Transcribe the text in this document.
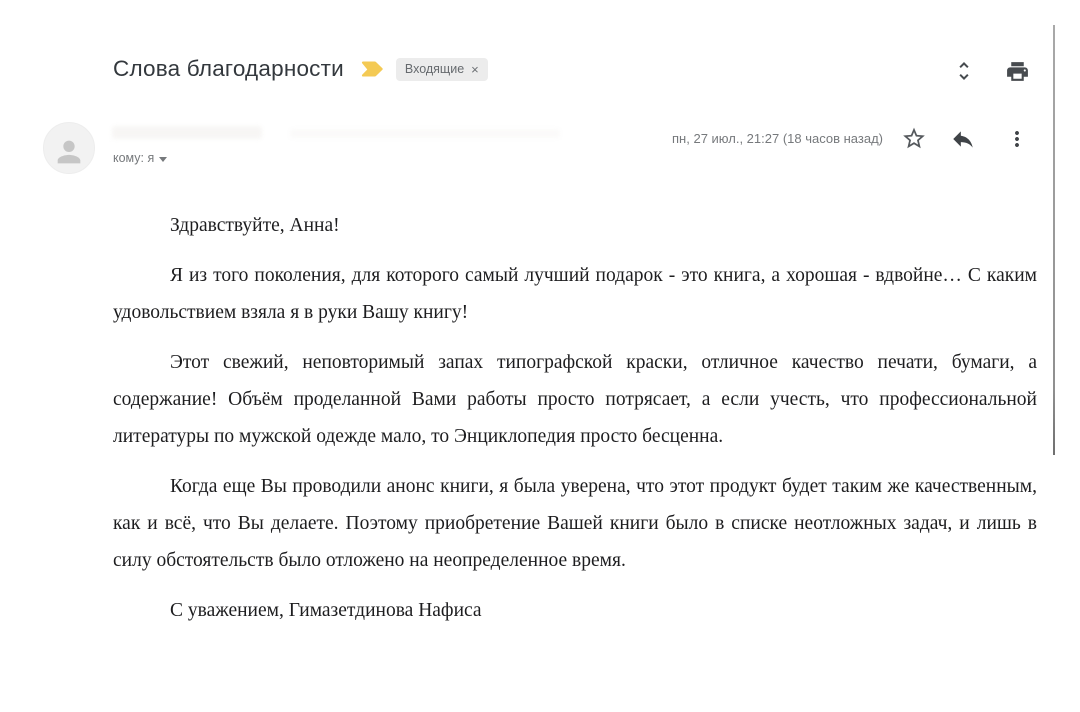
Слова благодарности	Входящие ×
кому: я
пн, 27 июл., 21:27 (18 часов назад)

Здравствуйте, Анна!

Я из того поколения, для которого самый лучший подарок - это книга, а хорошая - вдвойне… С каким удовольствием взяла я в руки Вашу книгу!

Этот свежий, неповторимый запах типографской краски, отличное качество печати, бумаги, а содержание! Объём проделанной Вами работы просто потрясает, а если учесть, что профессиональной литературы по мужской одежде мало, то Энциклопедия просто бесценна.

Когда еще Вы проводили анонс книги, я была уверена, что этот продукт будет таким же качественным, как и всё, что Вы делаете. Поэтому приобретение Вашей книги было в списке неотложных задач, и лишь в силу обстоятельств было отложено на неопределенное время.

С уважением, Гимазетдинова Нафиса
